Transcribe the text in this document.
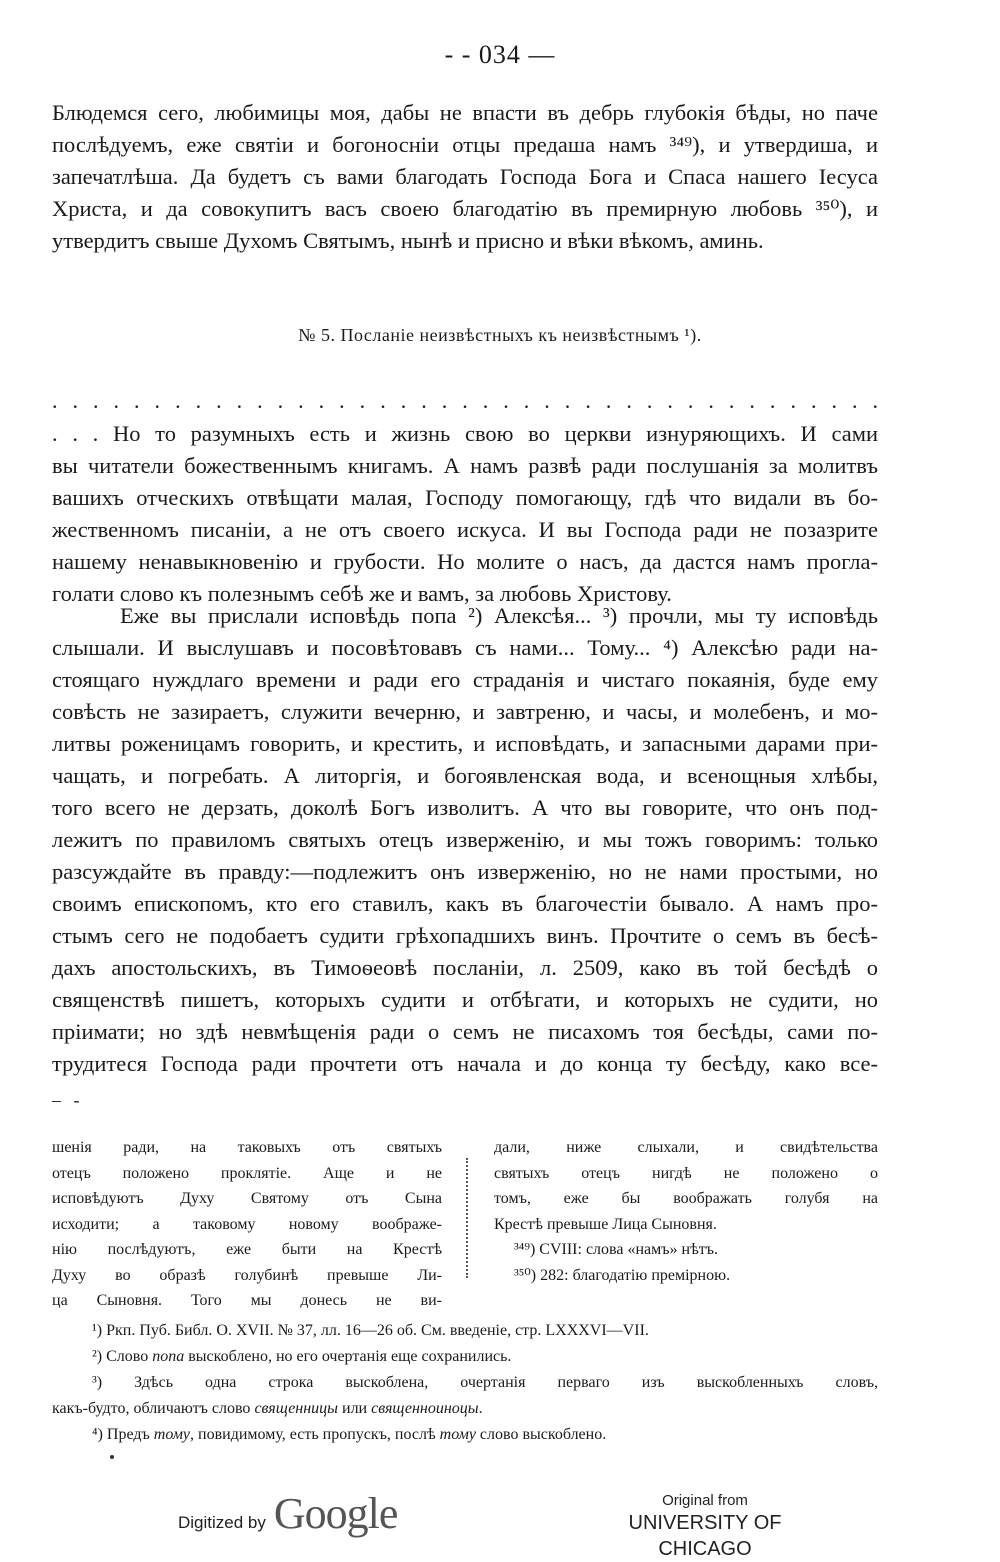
- - 034 —

Блюдемся сего, любимицы моя, дабы не впасти въ дебрь глубокія бѣды, но паче
послѣдуемъ, еже святіи и богоносніи отцы предаша намъ ³⁴⁹), и утвердиша, и
запечатлѣша. Да будетъ съ вами благодать Господа Бога и Спаса нашего Іесуса
Христа, и да совокупитъ васъ своею благодатію въ премирную любовь ³⁵⁰), и
утвердитъ свыше Духомъ Святымъ, нынѣ и присно и вѣки вѣкомъ, аминь.

№ 5. Посланіе неизвѣстныхъ къ неизвѣстнымъ ¹).
. . . . . . . . . . . . . . . . . . . . . . . . . . . . . . . . . . . . . . . . .

. . . Но то разумныхъ есть и жизнь свою во церкви изнуряющихъ. И сами
вы читатели божественнымъ книгамъ. А намъ развѣ ради послушанія за молитвъ
вашихъ отческихъ отвѣщати малая, Господу помогающу, гдѣ что видали въ бо-
жественномъ писаніи, а не отъ своего искуса. И вы Господа ради не позазрите
нашему ненавыкновенію и грубости. Но молите о насъ, да дастся намъ прогла-
голати слово къ полезнымъ себѣ же и вамъ, за любовь Христову.

Еже вы прислали исповѣдь попа ²) Алексѣя... ³) прочли, мы ту исповѣдь
слышали. И выслушавъ и посовѣтовавъ съ нами... Тому... ⁴) Алексѣю ради на-
стоящаго нуждлаго времени и ради его страданія и чистаго покаянія, буде ему
совѣсть не зазираетъ, служити вечерню, и завтреню, и часы, и молебенъ, и мо-
литвы роженицамъ говорить, и крестить, и исповѣдать, и запасными дарами при-
чащать, и погребать. А литоргія, и богоявленская вода, и всенощныя хлѣбы,
того всего не дерзать, доколѣ Богъ изволитъ. А что вы говорите, что онъ под-
лежитъ по правиломъ святыхъ отецъ изверженію, и мы тожъ говоримъ: только
разсуждайте въ правду:—подлежитъ онъ изверженію, но не нами простыми, но
своимъ епископомъ, кто его ставилъ, какъ въ благочестіи бывало. А намъ про-
стымъ сего не подобаетъ судити грѣхопадшихъ винъ. Прочтите о семъ въ бесѣ-
дахъ апостольскихъ, въ Тимоѳеовѣ посланіи, л. 2509, како въ той бесѣдѣ о
священствѣ пишетъ, которыхъ судити и отбѣгати, и которыхъ не судити, но
пріимати; но здѣ невмѣщенія ради о семъ не писахомъ тоя бесѣды, сами по-
трудитеся Господа ради прочтети отъ начала и до конца ту бесѣду, како все-

– -

шенія ради, на таковыхъ отъ святыхъ
отецъ положено проклятіе. Аще и не
исповѣдуютъ Духу Святому отъ Сына
исходити; а таковому новому воображе-
нію послѣдуютъ, еже быти на Крестѣ
Духу во образѣ голубинѣ превыше Ли-
ца Сыновня. Того мы донесь не ви-

дали, ниже слыхали, и свидѣтельства
святыхъ отецъ нигдѣ не положено о
томъ, еже бы воображать голубя на
Крестѣ превыше Лица Сыновня.
³⁴⁹) CVIII: слова «намъ» нѣтъ.
³⁵⁰) 282: благодатію премірною.

¹) Ркп. Пуб. Библ. О. XVII. № 37, лл. 16—26 об. См. введеніе, стр. LXXXVI—VII.
²) Слово попа выскоблено, но его очертанія еще сохранились.
³) Здѣсь одна строка выскоблена, очертанія перваго изъ выскобленныхъ словъ,
какъ-будто, обличаютъ слово священницы или священноиноцы.
⁴) Предъ тому, повидимому, есть пропускъ, послѣ тому слово выскоблено.
Digitized by Google	Original from
UNIVERSITY OF CHICAGO
